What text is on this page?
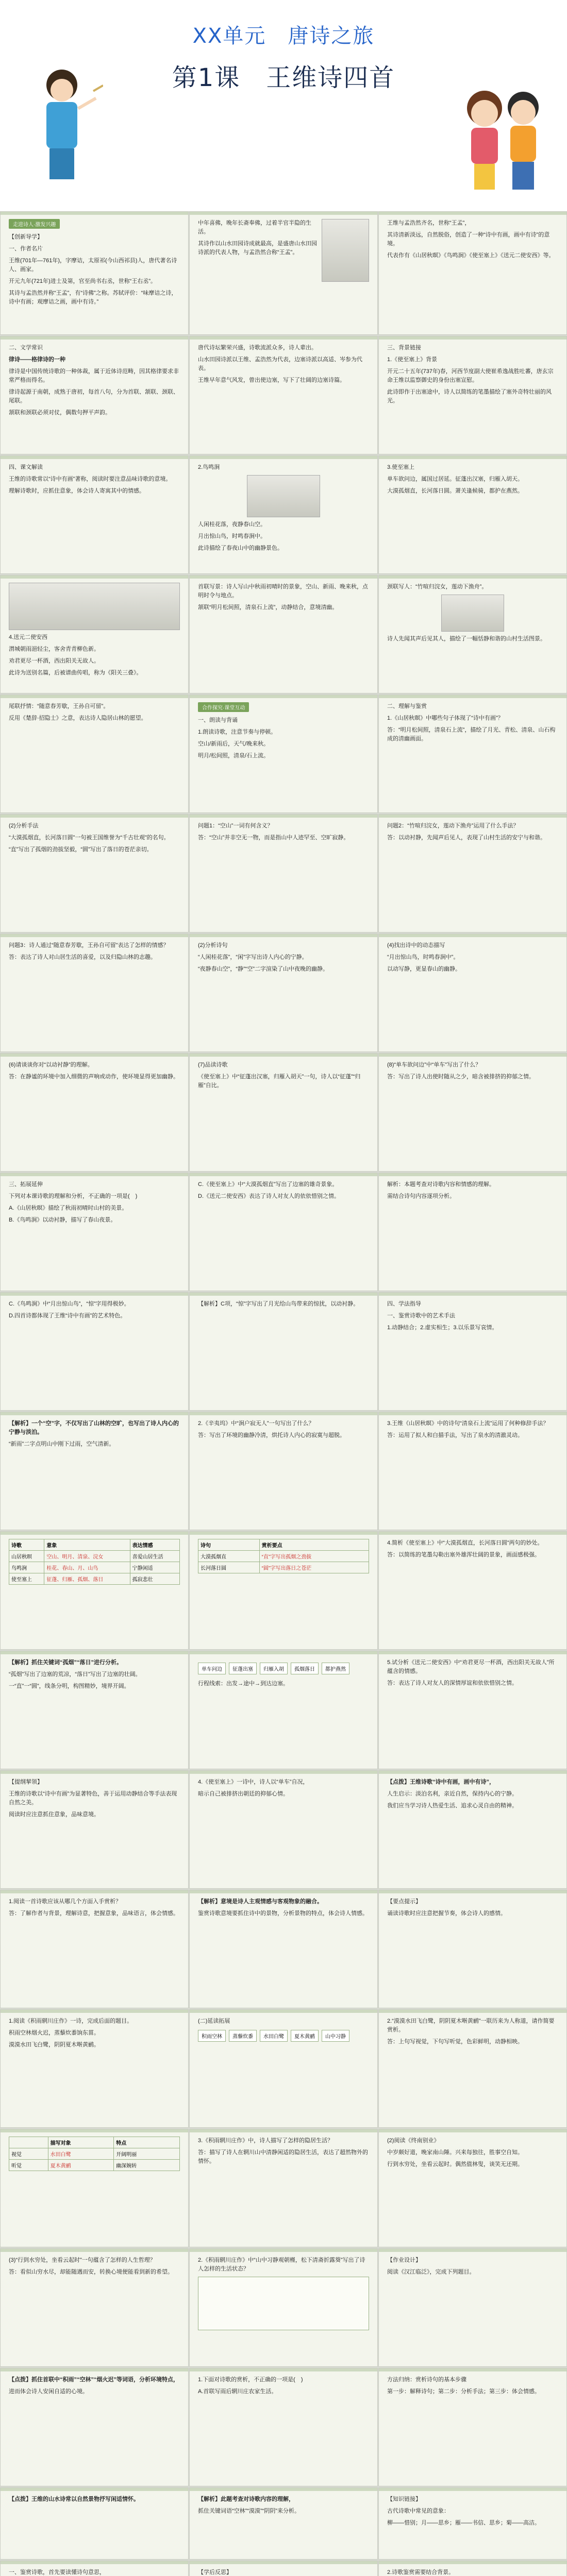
XX单元　唐诗之旅
第1课　王维诗四首
走进诗人·激发兴趣

【创新导学】

一、作者名片

王维(701年—761年)，字摩诘，太原祁(今山西祁县)人，唐代著名诗人、画家。

开元九年(721年)进士及第，官至尚书右丞，世称“王右丞”。

其诗与孟浩然并称“王孟”，有“诗佛”之称。苏轼评价：“味摩诘之诗，诗中有画；观摩诘之画，画中有诗。”

中年喜佛，晚年长斋奉佛，过着半官半隐的生活。

其诗作以山水田园诗成就最高，是盛唐山水田园诗派的代表人物，与孟浩然合称“王孟”。

王维与孟浩然齐名，世称“王孟”，

其诗清新淡远，自然脱俗，创造了一种“诗中有画，画中有诗”的意境。

代表作有《山居秋暝》《鸟鸣涧》《使至塞上》《送元二使安西》等。

二、文学常识

律诗——格律诗的一种

律诗是中国传统诗歌的一种体裁，属于近体诗范畴，因其格律要求非常严格而得名。

律诗起源于南朝，成熟于唐初，每首八句，分为首联、颔联、颈联、尾联。

颔联和颈联必须对仗，偶数句押平声韵。

唐代诗坛繁荣兴盛，诗歌流派众多，诗人辈出。

山水田园诗派以王维、孟浩然为代表，边塞诗派以高适、岑参为代表。

王维早年意气风发，曾出使边塞，写下了壮阔的边塞诗篇。

三、背景链接

1.《使至塞上》背景

开元二十五年(737年)春，河西节度副大使崔希逸战胜吐蕃，唐玄宗命王维以监察御史的身份出塞宣慰。

此诗即作于出塞途中，诗人以简练的笔墨描绘了塞外奇特壮丽的风光。

四、课文解读

王维的诗歌常以“诗中有画”著称，阅读时要注意品味诗歌的意境。

理解诗歌时，应抓住意象，体会诗人寄寓其中的情感。

2.鸟鸣涧

人闲桂花落，夜静春山空。

月出惊山鸟，时鸣春涧中。

此诗描绘了春夜山中的幽静景色。

3.使至塞上

单车欲问边，属国过居延。征蓬出汉塞，归雁入胡天。

大漠孤烟直，长河落日圆。萧关逢候骑，都护在燕然。

4.送元二使安西

渭城朝雨浥轻尘，客舍青青柳色新。

劝君更尽一杯酒，西出阳关无故人。

此诗为送别名篇，后被谱曲传唱，称为《阳关三叠》。

首联写景：诗人写山中秋雨初晴时的景象，空山、新雨、晚来秋，点明时令与地点。

颔联“明月松间照，清泉石上流”，动静结合，意境清幽。

颈联写人：“竹喧归浣女，莲动下渔舟”。

诗人先闻其声后见其人，描绘了一幅恬静和谐的山村生活图景。

尾联抒情：“随意春芳歇，王孙自可留”。

反用《楚辞·招隐士》之意，表达诗人隐居山林的愿望。

合作探究·课堂互动

一、朗读与背诵

1.朗读诗歌，注意节奏与停顿。

空山/新雨后，天气/晚来秋。

明月/松间照，清泉/石上流。

二、理解与鉴赏

1.《山居秋暝》中哪些句子体现了“诗中有画”？

答：“明月松间照，清泉石上流”，描绘了月光、青松、清泉、山石构成的清幽画面。

(2)分析手法

“大漠孤烟直，长河落日圆”一句被王国维誉为“千古壮观”的名句。

“直”写出了孤烟的劲拔坚毅，“圆”写出了落日的苍茫亲切。

问题1：“空山”一词有何含义？

答：“空山”并非空无一物，而是指山中人迹罕至、空旷寂静。

问题2：“竹喧归浣女，莲动下渔舟”运用了什么手法？

答：以动衬静，先闻声后见人，表现了山村生活的安宁与和谐。

问题3：诗人通过“随意春芳歇，王孙自可留”表达了怎样的情感？

答：表达了诗人对山居生活的喜爱，以及归隐山林的志趣。

(2)分析诗句

“人闲桂花落”，“闲”字写出诗人内心的宁静。

“夜静春山空”，“静”“空”二字渲染了山中夜晚的幽静。

(4)找出诗中的动态描写

“月出惊山鸟，时鸣春涧中”。

以动写静，更显春山的幽静。

(6)请谈谈你对“以动衬静”的理解。

答：在静谧的环境中加入细微的声响或动作，使环境显得更加幽静。

(7)品读诗歌

《使至塞上》中“征蓬出汉塞，归雁入胡天”一句，诗人以“征蓬”“归雁”自比。

(8)“单车欲问边”中“单车”写出了什么？

答：写出了诗人出使时随从之少，暗含被排挤的抑郁之情。

三、拓展延伸

下列对本课诗歌的理解和分析，不正确的一项是(　)

A.《山居秋暝》描绘了秋雨初晴时山村的美景。

B.《鸟鸣涧》以动衬静，描写了春山夜景。

C.《使至塞上》中“大漠孤烟直”写出了边塞的雄奇景象。

D.《送元二使安西》表达了诗人对友人的依依惜别之情。

解析：本题考查对诗歌内容和情感的理解。

需结合诗句内容逐项分析。

C.《鸟鸣涧》中“月出惊山鸟”，“惊”字用得极妙。

D.四首诗都体现了王维“诗中有画”的艺术特色。

【解析】C项，“惊”字写出了月光给山鸟带来的惊扰，以动衬静。	四、学法指导

一、鉴赏诗歌中的艺术手法

1.动静结合；2.虚实相生；3.以乐景写哀情。

【解析】一个“空”字，不仅写出了山林的空旷，也写出了诗人内心的宁静与淡泊。

“新雨”二字点明山中刚下过雨，空气清新。

2.《辛夷坞》中“涧户寂无人”一句写出了什么？

答：写出了环境的幽静冷清，烘托诗人内心的寂寞与超脱。

3.王维《山居秋暝》中的诗句“清泉石上流”运用了何种修辞手法？

答：运用了拟人和白描手法，写出了泉水的清澈灵动。

诗歌	意象	表达情感
山居秋暝	空山、明月、清泉、浣女	喜爱山居生活
鸟鸣涧	桂花、春山、月、山鸟	宁静闲适
使至塞上	征蓬、归雁、孤烟、落日	孤寂悲壮
诗句	赏析要点
大漠孤烟直	“直”字写出孤烟之劲拔
长河落日圆	“圆”字写出落日之苍茫

4.简析《使至塞上》中“大漠孤烟直，长河落日圆”两句的妙处。

答：以简练的笔墨勾勒出塞外雄浑壮阔的景象，画面感极强。

【解析】抓住关键词“孤烟”“落日”进行分析。

“孤烟”写出了边塞的荒凉，“落日”写出了边塞的壮阔。

一“直”一“圆”，线条分明，构图精妙，境界开阔。

单车问边	征蓬出塞	归雁入胡	孤烟落日	都护燕然

行程线索：出发→途中→到达边塞。

5.试分析《送元二使安西》中“劝君更尽一杯酒，西出阳关无故人”所蕴含的情感。

答：表达了诗人对友人的深情厚谊和依依惜别之情。

【提纲挈领】

王维的诗歌以“诗中有画”为显著特色，善于运用动静结合等手法表现自然之美。

阅读时应注意抓住意象，品味意境。

4.《使至塞上》一诗中，诗人以“单车”自况，

暗示自己被排挤出朝廷的抑郁心情。

【点拨】王维诗歌“诗中有画，画中有诗”，

人生启示：淡泊名利，亲近自然，保持内心的宁静。

我们应当学习诗人热爱生活、追求心灵自由的精神。

1.阅读一首诗歌应该从哪几个方面入手赏析？

答：了解作者与背景，理解诗意，把握意象，品味语言，体会情感。

【解析】意境是诗人主观情感与客观物象的融合。

鉴赏诗歌意境要抓住诗中的景物，分析景物的特点，体会诗人情感。

【要点提示】

诵读诗歌时应注意把握节奏，体会诗人的感情。

1.阅读《积雨辋川庄作》一诗，完成后面的题目。

积雨空林烟火迟，蒸藜炊黍饷东菑。

漠漠水田飞白鹭，阴阴夏木啭黄鹂。

(二)延读拓展

积雨空林	蒸藜炊黍	水田白鹭	夏木黄鹂	山中习静

2.“漠漠水田飞白鹭，阴阴夏木啭黄鹂”一联历来为人称道，请作简要赏析。

答：上句写视觉，下句写听觉，色彩鲜明，动静相映。

	描写对象	特点
视觉	水田白鹭	开阔明丽
听觉	夏木黄鹂	幽深婉转

3.《积雨辋川庄作》中，诗人描写了怎样的隐居生活？

答：描写了诗人在辋川山中清静闲适的隐居生活，表达了超然物外的情怀。

(2)阅读《终南别业》

中岁颇好道，晚家南山陲。兴来每独往，胜事空自知。

行到水穷处，坐看云起时。偶然值林叟，谈笑无还期。

(3)“行到水穷处，坐看云起时”一句蕴含了怎样的人生哲理？

答：看似山穷水尽，却能随遇而安，转换心境便能看到新的希望。

2.《积雨辋川庄作》中“山中习静观朝槿，松下清斋折露葵”写出了诗人怎样的生活状态？

【作业设计】

阅读《汉江临泛》，完成下列题目。

【点拨】抓住首联中“积雨”“空林”“烟火迟”等词语，分析环境特点，

进而体会诗人安闲自适的心境。

1.下面对诗歌的赏析，不正确的一项是(　)

A.首联写雨后辋川庄农家生活。

方法归纳：赏析诗句的基本步骤

第一步：解释诗句；第二步：分析手法；第三步：体会情感。

【点拨】王维的山水诗常以自然景物抒写闲适情怀。	【解析】此题考查对诗歌内容的理解，

抓住关键词语“空林”“漠漠”“阴阴”来分析。

【知识链接】

古代诗歌中常见的意象：

柳——惜别；月——思乡；雁——书信、思乡；菊——高洁。

一、鉴赏诗歌，首先要读懂诗句意思，	【学后反思】	2.诗歌鉴赏需要结合背景。
